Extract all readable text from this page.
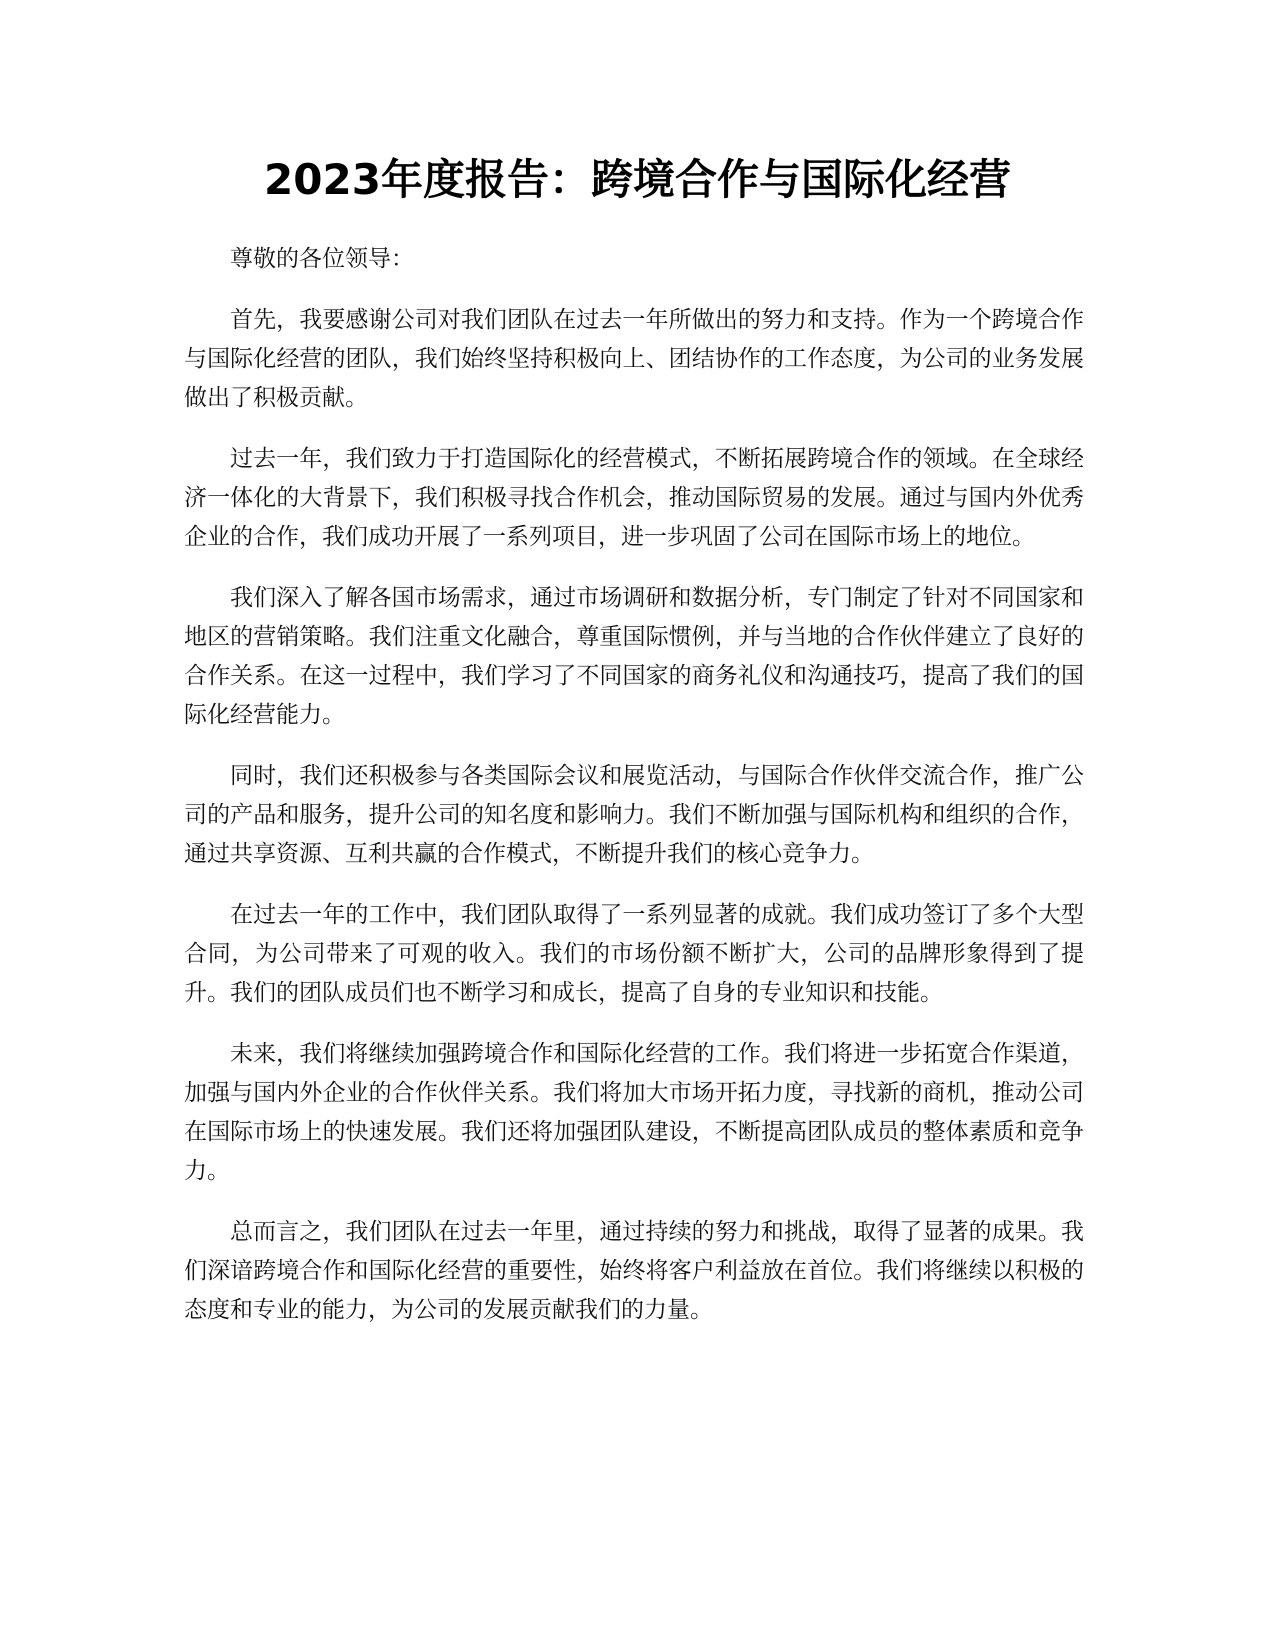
2023年度报告：跨境合作与国际化经营

尊敬的各位领导：

首先，我要感谢公司对我们团队在过去一年所做出的努力和支持。作为一个跨境合作与国际化经营的团队，我们始终坚持积极向上、团结协作的工作态度，为公司的业务发展做出了积极贡献。

过去一年，我们致力于打造国际化的经营模式，不断拓展跨境合作的领域。在全球经济一体化的大背景下，我们积极寻找合作机会，推动国际贸易的发展。通过与国内外优秀企业的合作，我们成功开展了一系列项目，进一步巩固了公司在国际市场上的地位。

我们深入了解各国市场需求，通过市场调研和数据分析，专门制定了针对不同国家和地区的营销策略。我们注重文化融合，尊重国际惯例，并与当地的合作伙伴建立了良好的合作关系。在这一过程中，我们学习了不同国家的商务礼仪和沟通技巧，提高了我们的国际化经营能力。

同时，我们还积极参与各类国际会议和展览活动，与国际合作伙伴交流合作，推广公司的产品和服务，提升公司的知名度和影响力。我们不断加强与国际机构和组织的合作，通过共享资源、互利共赢的合作模式，不断提升我们的核心竞争力。

在过去一年的工作中，我们团队取得了一系列显著的成就。我们成功签订了多个大型合同，为公司带来了可观的收入。我们的市场份额不断扩大，公司的品牌形象得到了提升。我们的团队成员们也不断学习和成长，提高了自身的专业知识和技能。

未来，我们将继续加强跨境合作和国际化经营的工作。我们将进一步拓宽合作渠道，加强与国内外企业的合作伙伴关系。我们将加大市场开拓力度，寻找新的商机，推动公司在国际市场上的快速发展。我们还将加强团队建设，不断提高团队成员的整体素质和竞争力。

总而言之，我们团队在过去一年里，通过持续的努力和挑战，取得了显著的成果。我们深谙跨境合作和国际化经营的重要性，始终将客户利益放在首位。我们将继续以积极的态度和专业的能力，为公司的发展贡献我们的力量。
